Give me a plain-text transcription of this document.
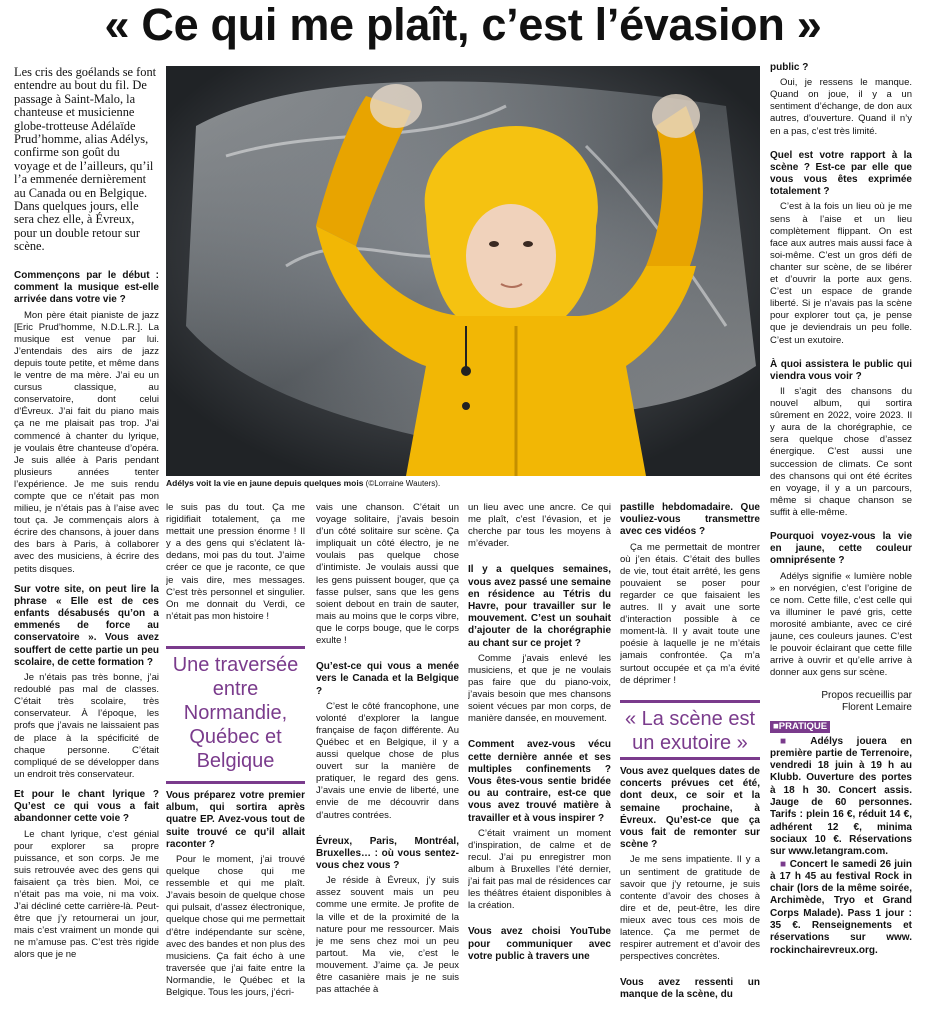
« Ce qui me plaît, c’est l’évasion »
Les cris des goélands se font entendre au bout du fil. De passage à Saint-Malo, la chanteuse et musicienne globe-trotteuse Adélaïde Prud’homme, alias Adélys, confirme son goût du voyage et de l’ailleurs, qu’il l’a emmenée dernièrement au Canada ou en Belgique. Dans quelques jours, elle sera chez elle, à Évreux, pour un double retour sur scène.

Commençons par le début : comment la musique est-elle arrivée dans votre vie ?

Mon père était pianiste de jazz [Eric Prud’homme, N.D.L.R.]. La musique est venue par lui. J’entendais des airs de jazz depuis toute petite, et même dans le ventre de ma mère. J’ai eu un cursus classique, au conservatoire, dont celui d’Évreux. J’ai fait du piano mais ça ne me plaisait pas trop. J’ai commencé à chanter du lyrique, je voulais être chanteuse d’opéra. Je suis allée à Paris pendant plusieurs années tenter l’expérience. Je me suis rendu compte que ce n’était pas mon milieu, je n’étais pas à l’aise avec tout ça. Je commençais alors à écrire des chansons, à jouer dans des bars à Paris, à collaborer avec des musiciens, à écrire des petits disques.

Sur votre site, on peut lire la phrase « Elle est de ces enfants désabusés qu’on a emmenés de force au conservatoire ». Vous avez souffert de cette partie un peu scolaire, de cette formation ?

Je n’étais pas très bonne, j’ai redoublé pas mal de classes. C’était très scolaire, très conservateur. À l’époque, les profs que j’avais ne laissaient pas de place à la spécificité de chaque personne. C’était compliqué de se développer dans un endroit très conservateur.

Et pour le chant lyrique ? Qu’est ce qui vous a fait abandonner cette voie ?

Le chant lyrique, c’est génial pour explorer sa propre puissance, et son corps. Je me suis retrouvée avec des gens qui faisaient ça très bien. Moi, ce n’était pas ma voie, ni ma voix. J’ai décliné cette carrière-là. Peut-être que j’y retournerai un jour, mais c’est vraiment un monde qui ne m’amuse pas. C’est très rigide alors que je ne

Adélys voit la vie en jaune depuis quelques mois (©Lorraine Wauters).

le suis pas du tout. Ça me rigidifiait totalement, ça me mettait une pression énorme ! Il y a des gens qui s’éclatent là-dedans, moi pas du tout. J’aime créer ce que je raconte, ce que je vais dire, mes messages. C’est très personnel et singulier. On me donnait du Verdi, ce n’était pas mon histoire !

Une traversée entre Normandie, Québec et Belgique

Vous préparez votre premier album, qui sortira après quatre EP. Avez-vous tout de suite trouvé ce qu’il allait raconter ?

Pour le moment, j’ai trouvé quelque chose qui me ressemble et qui me plaît. J’avais besoin de quelque chose qui pulsait, d’assez électronique, quelque chose qui me permettait d’être indépendante sur scène, avec des bandes et non plus des musiciens. Ça fait écho à une traversée que j’ai faite entre la Normandie, le Québec et la Belgique. Tous les jours, j’écri-

vais une chanson. C’était un voyage solitaire, j’avais besoin d’un côté solitaire sur scène. Ça impliquait un côté électro, je ne voulais pas quelque chose d’intimiste. Je voulais aussi que les gens puissent bouger, que ça fasse pulser, sans que les gens soient debout en train de sauter, mais au moins que le corps vibre, que le corps bouge, que le corps exulte !

Qu’est-ce qui vous a menée vers le Canada et la Belgique ?

C’est le côté francophone, une volonté d’explorer la langue française de façon différente. Au Québec et en Belgique, il y a aussi quelque chose de plus ouvert sur la manière de pratiquer, le regard des gens. J’avais une envie de liberté, une envie de me découvrir dans d’autres contrées.

Évreux, Paris, Montréal, Bruxelles… : où vous sentez-vous chez vous ?

Je réside à Évreux, j’y suis assez souvent mais un peu comme une ermite. Je profite de la ville et de la proximité de la nature pour me ressourcer. Mais je me sens chez moi un peu partout. Ma vie, c’est le mouvement. J’aime ça. Je peux être casanière mais je ne suis pas attachée à

un lieu avec une ancre. Ce qui me plaît, c’est l’évasion, et je cherche par tous les moyens à m’évader.

Il y a quelques semaines, vous avez passé une semaine en résidence au Tétris du Havre, pour travailler sur le mouvement. C’est un souhait d’ajouter de la chorégraphie au chant sur ce projet ?

Comme j’avais enlevé les musiciens, et que je ne voulais pas faire que du piano-voix, j’avais besoin que mes chansons soient vécues par mon corps, de manière dansée, en mouvement.

Comment avez-vous vécu cette dernière année et ses multiples confinements ? Vous êtes-vous sentie bridée ou au contraire, est-ce que vous avez trouvé matière à travailler et à vous inspirer ?

C’était vraiment un moment d’inspiration, de calme et de recul. J’ai pu enregistrer mon album à Bruxelles l’été dernier, j’ai fait pas mal de résidences car les théâtres étaient disponibles à la création.

Vous avez choisi YouTube pour communiquer avec votre public à travers une

pastille hebdomadaire. Que vouliez-vous transmettre avec ces vidéos ?

Ça me permettait de montrer où j’en étais. C’était des bulles de vie, tout était arrêté, les gens pouvaient se poser pour regarder ce que faisaient les autres. Il y avait une sorte d’interaction possible à ce moment-là. Il y avait toute une poésie à laquelle je ne m’étais jamais confrontée. Ça m’a surtout occupée et ça m’a évité de déprimer !

« La scène est un exutoire »

Vous avez quelques dates de concerts prévues cet été, dont deux, ce soir et la semaine prochaine, à Évreux. Qu’est-ce que ça vous fait de remonter sur scène ?

Je me sens impatiente. Il y a un sentiment de gratitude de savoir que j’y retourne, je suis contente d’avoir des choses à dire et de, peut-être, les dire mieux avec tous ces mois de latence. Ça me permet de respirer autrement et d’avoir des perspectives concrètes.

Vous avez ressenti un manque de la scène, du

public ?

Oui, je ressens le manque. Quand on joue, il y a un sentiment d’échange, de don aux autres, d’ouverture. Quand il n’y en a pas, c’est très limité.

Quel est votre rapport à la scène ? Est-ce par elle que vous vous êtes exprimée totalement ?

C’est à la fois un lieu où je me sens à l’aise et un lieu complètement flippant. On est face aux autres mais aussi face à soi-même. C’est un gros défi de chanter sur scène, de se libérer et d’ouvrir la porte aux gens. C’est un espace de grande liberté. Si je n’avais pas la scène pour explorer tout ça, je pense que je deviendrais un peu folle. C’est un exutoire.

À quoi assistera le public qui viendra vous voir ?

Il s’agit des chansons du nouvel album, qui sortira sûrement en 2022, voire 2023. Il y aura de la chorégraphie, ce sera quelque chose d’assez énergique. C’est aussi une succession de climats. Ce sont des chansons qui ont été écrites en voyage, il y a un parcours, même si chaque chanson se suffit à elle-même.

Pourquoi voyez-vous la vie en jaune, cette couleur omniprésente ?

Adélys signifie « lumière noble » en norvégien, c’est l’origine de ce nom. Cette fille, c’est celle qui va illuminer le pavé gris, cette morosité ambiante, avec ce ciré jaune, ces couleurs jaunes. C’est le pouvoir éclairant que cette fille arrive à ouvrir et qu’elle arrive à donner aux gens sur scène.

Propos recueillis par

Florent Lemaire

■PRATIQUE

■ Adélys jouera en première partie de Terrenoire, vendredi 18 juin à 19 h au Klubb. Ouverture des portes à 18 h 30. Concert assis. Jauge de 60 personnes. Tarifs : plein 16 €, réduit 14 €, adhérent 12 €, minima sociaux 10 €. Réservations sur www.letangram.com.

■ Concert le samedi 26 juin à 17 h 45 au festival Rock in chair (lors de la même soirée, Archimède, Tryo et Grand Corps Malade). Pass 1 jour : 35 €. Renseignements et réservations sur www. rockinchairevreux.org.
